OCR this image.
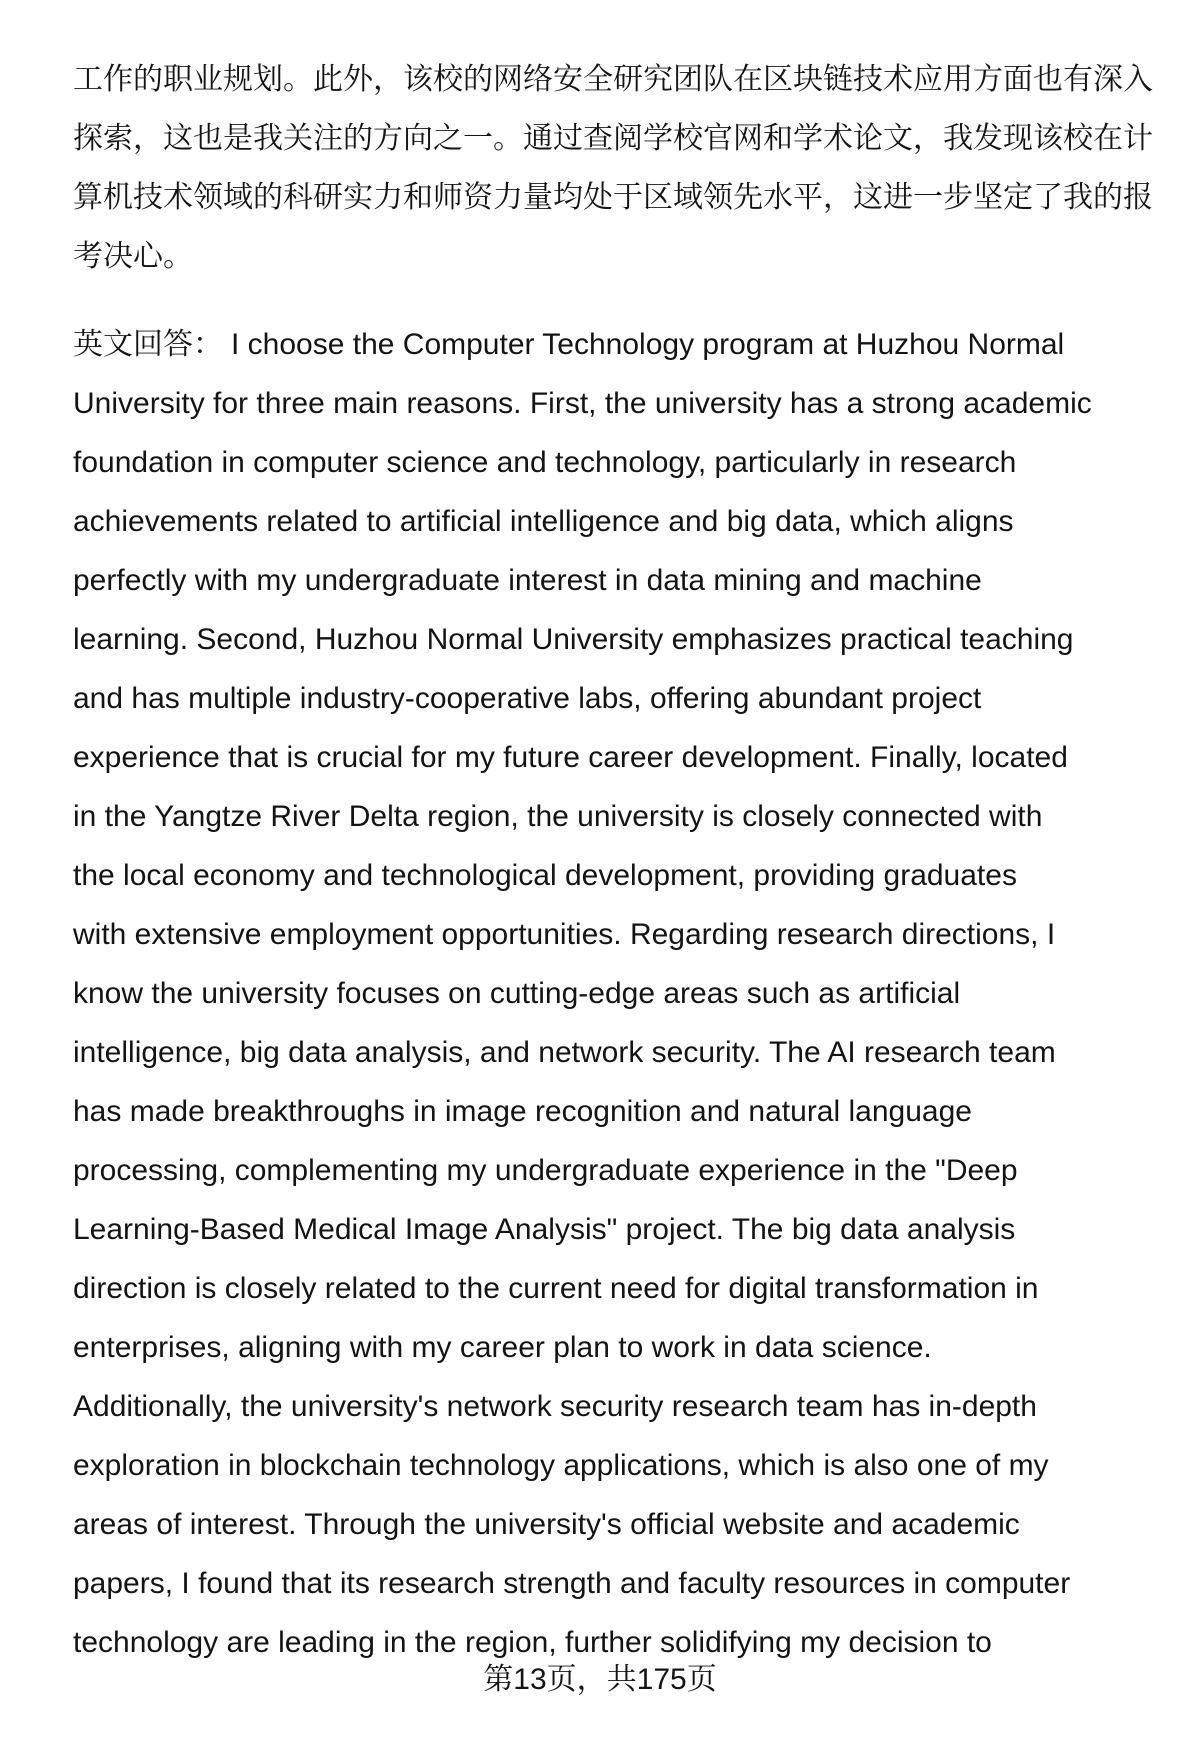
工作的职业规划。此外，该校的网络安全研究团队在区块链技术应用方面也有深入
探索，这也是我关注的方向之一。通过查阅学校官网和学术论文，我发现该校在计
算机技术领域的科研实力和师资力量均处于区域领先水平，这进一步坚定了我的报
考决心。
英文回答： I choose the Computer Technology program at Huzhou Normal
University for three main reasons. First, the university has a strong academic
foundation in computer science and technology, particularly in research
achievements related to artificial intelligence and big data, which aligns
perfectly with my undergraduate interest in data mining and machine
learning. Second, Huzhou Normal University emphasizes practical teaching
and has multiple industry-cooperative labs, offering abundant project
experience that is crucial for my future career development. Finally, located
in the Yangtze River Delta region, the university is closely connected with
the local economy and technological development, providing graduates
with extensive employment opportunities. Regarding research directions, I
know the university focuses on cutting-edge areas such as artificial
intelligence, big data analysis, and network security. The AI research team
has made breakthroughs in image recognition and natural language
processing, complementing my undergraduate experience in the "Deep
Learning-Based Medical Image Analysis" project. The big data analysis
direction is closely related to the current need for digital transformation in
enterprises, aligning with my career plan to work in data science.
Additionally, the university's network security research team has in-depth
exploration in blockchain technology applications, which is also one of my
areas of interest. Through the university's official website and academic
papers, I found that its research strength and faculty resources in computer
technology are leading in the region, further solidifying my decision to
第13页，共175页
